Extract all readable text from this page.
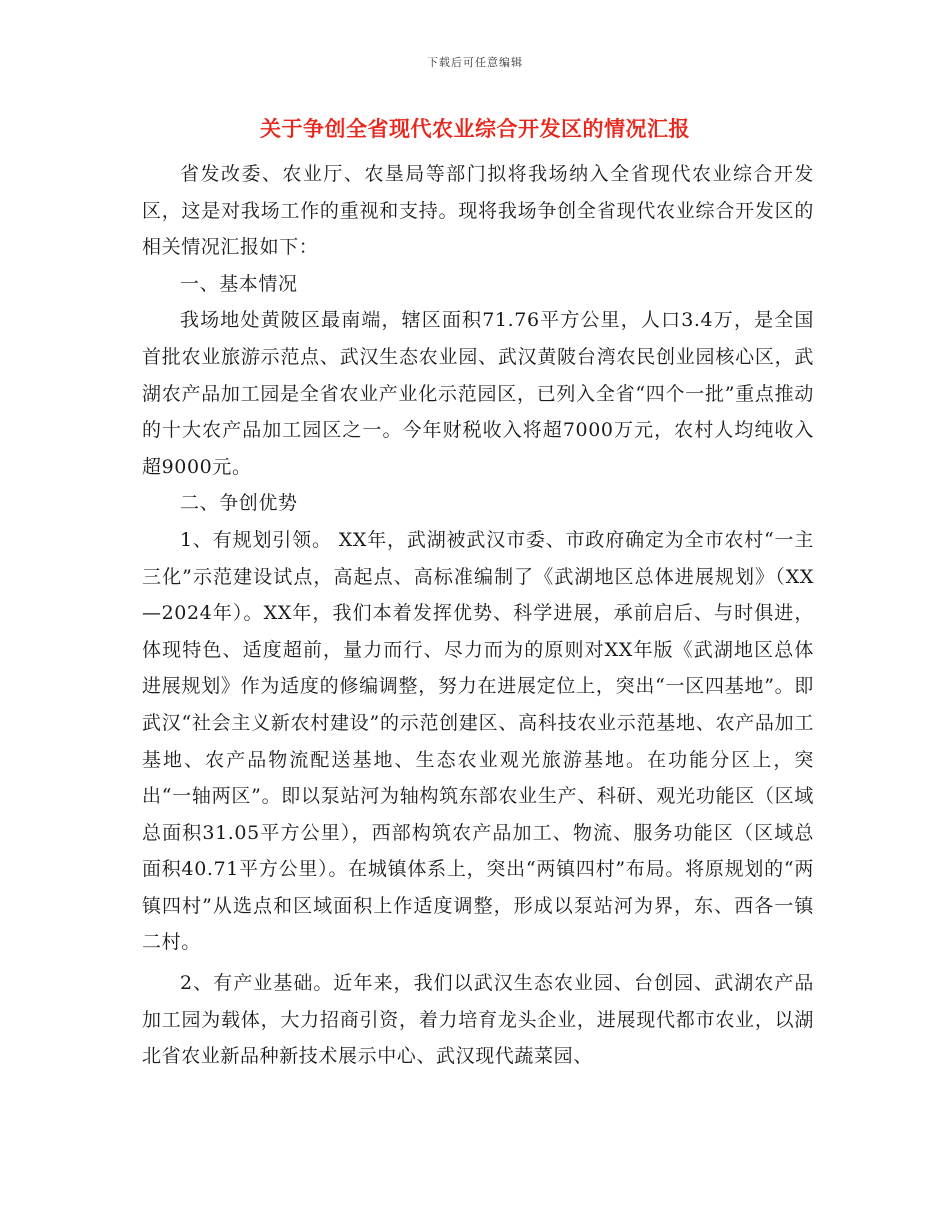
下载后可任意编辑
关于争创全省现代农业综合开发区的情况汇报

省发改委、农业厅、农垦局等部门拟将我场纳入全省现代农业综合开发区，这是对我场工作的重视和支持。现将我场争创全省现代农业综合开发区的相关情况汇报如下：

一、基本情况

我场地处黄陂区最南端，辖区面积71.76平方公里，人口3.4万，是全国首批农业旅游示范点、武汉生态农业园、武汉黄陂台湾农民创业园核心区，武湖农产品加工园是全省农业产业化示范园区，已列入全省“四个一批”重点推动的十大农产品加工园区之一。今年财税收入将超7000万元，农村人均纯收入超9000元。

二、争创优势

1、有规划引领。 XX年，武湖被武汉市委、市政府确定为全市农村“一主三化”示范建设试点，高起点、高标准编制了《武湖地区总体进展规划》（XX—2024年）。XX年，我们本着发挥优势、科学进展，承前启后、与时俱进，体现特色、适度超前，量力而行、尽力而为的原则对XX年版《武湖地区总体进展规划》作为适度的修编调整，努力在进展定位上，突出“一区四基地”。即武汉“社会主义新农村建设”的示范创建区、高科技农业示范基地、农产品加工基地、农产品物流配送基地、生态农业观光旅游基地。在功能分区上，突出“一轴两区”。即以泵站河为轴构筑东部农业生产、科研、观光功能区（区域总面积31.05平方公里），西部构筑农产品加工、物流、服务功能区（区域总面积40.71平方公里）。在城镇体系上，突出“两镇四村”布局。将原规划的“两镇四村”从选点和区域面积上作适度调整，形成以泵站河为界，东、西各一镇二村。

2、有产业基础。近年来，我们以武汉生态农业园、台创园、武湖农产品加工园为载体，大力招商引资，着力培育龙头企业，进展现代都市农业，以湖北省农业新品种新技术展示中心、武汉现代蔬菜园、
